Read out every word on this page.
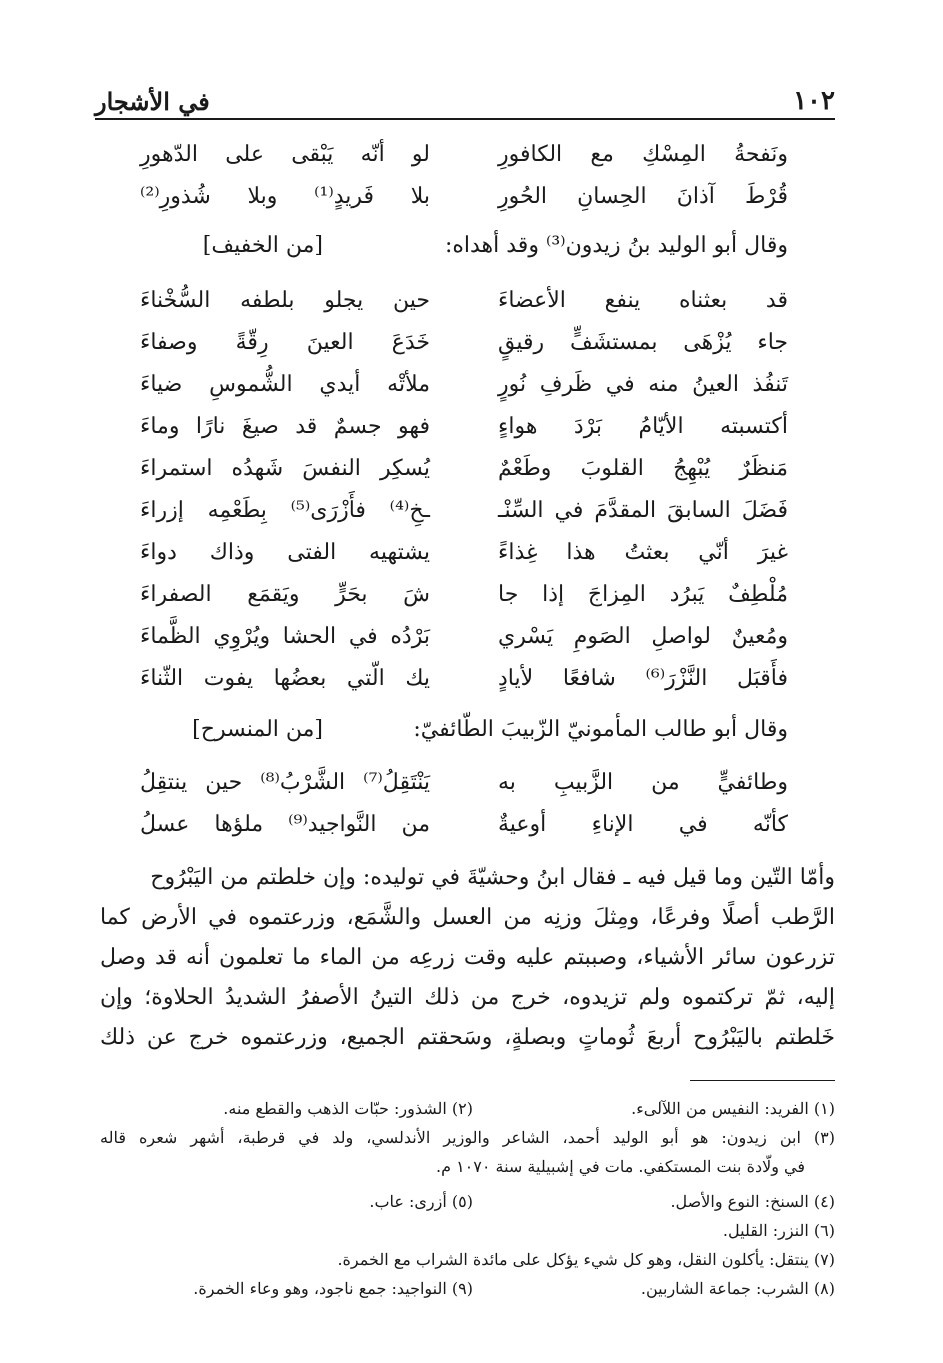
١٠٢
في الأشجار
ونَفحةُ المِسْكِ مع الكافورِ
لو أنّه يَبْقى على الدّهورِ
قُرْطَ آذانَ الحِسانِ الحُورِ
بلا فَريدٍ⁽¹⁾ وبلا شُذورِ⁽²⁾
وقال أبو الوليد بنُ زيدون⁽³⁾ وقد أهداه:
[من الخفيف]
قد بعثناه ينفع الأعضاءَ
حين يجلو بلطفه السُّخْناءَ
جاء يُزْهَى بمستشَفٍّ رقيقٍ
خَدَعَ العينَ رِقّةً وصفاءَ
تَنفُذ العينُ منه في ظَرفِ نُورٍ
ملأتْه أيدي الشُّموسِ ضياءَ
أكتسبته الأيّامُ بَرْدَ هواءٍ
فهو جسمٌ قد صيغَ نارًا وماءَ
مَنظَرٌ يُبْهِجُ القلوبَ وطَعْمٌ
يُسكِر النفسَ شَهدُه استمراءَ
فَضَلَ السابقَ المقدَّمَ في السِّنْـ
ـخِ⁽⁴⁾ فأَزْرَى⁽⁵⁾ بِطَعْمِه إزراءَ
غيرَ أنّي بعثتُ هذا غِذاءً
يشتهيه الفتى وذاك دواءَ
مُلْطِفٌ يَبرُد المِزاجَ إذا جا
شَ بحَرٍّ ويَقمَع الصفراءَ
ومُعينٌ لواصلِ الصَومِ يَسْري
بَرْدُه في الحشا ويُرْوِي الظَّماءَ
فأَقبَل النَّزْرَ⁽⁶⁾ شافعًا لأيادٍ
يك الّتي بعضُها يفوت الثّناءَ
وقال أبو طالب المأمونيّ الزّبيبَ الطّائفيّ:
[من المنسرح]
وطائفيٍّ من الزَّبيبِ به
يَنْتَقِلُ⁽⁷⁾ الشَّرْبُ⁽⁸⁾ حين ينتقِلُ
كأنّه في الإناءِ أوعيةٌ
من النَّواجيد⁽⁹⁾ ملؤها عسلُ
وأمّا التّين وما قيل فيه ـ فقال ابنُ وحشيّةَ في توليده: وإن خلطتم من اليَبْرُوح
الرَّطب أصلًا وفرعًا، ومِثلَ وزنِه من العسل والشَّمَع، وزرعتموه في الأرض كما
تزرعون سائر الأشياء، وصببتم عليه وقت زرعِه من الماء ما تعلمون أنه قد وصل
إليه، ثمّ تركتموه ولم تزيدوه، خرج من ذلك التينُ الأصفرُ الشديدُ الحلاوة؛ وإن
خَلطتم باليَبْرُوح أربعَ ثُوماتٍ وبصلةٍ، وسَحقتم الجميع، وزرعتموه خرج عن ذلك
(١) الفريد: النفيس من اللآلىء.
(٢) الشذور: حبّات الذهب والقطع منه.
(٣) ابن زيدون: هو أبو الوليد أحمد، الشاعر والوزير الأندلسي، ولد في قرطبة، أشهر شعره قاله
في ولّادة بنت المستكفي. مات في إشبيلية سنة ١٠٧٠ م.
(٤) السنخ: النوع والأصل.
(٥) أزرى: عاب.
(٦) النزر: القليل.
(٧) ينتقل: يأكلون النقل، وهو كل شيء يؤكل على مائدة الشراب مع الخمرة.
(٨) الشرب: جماعة الشاربين.
(٩) النواجيد: جمع ناجود، وهو وعاء الخمرة.
